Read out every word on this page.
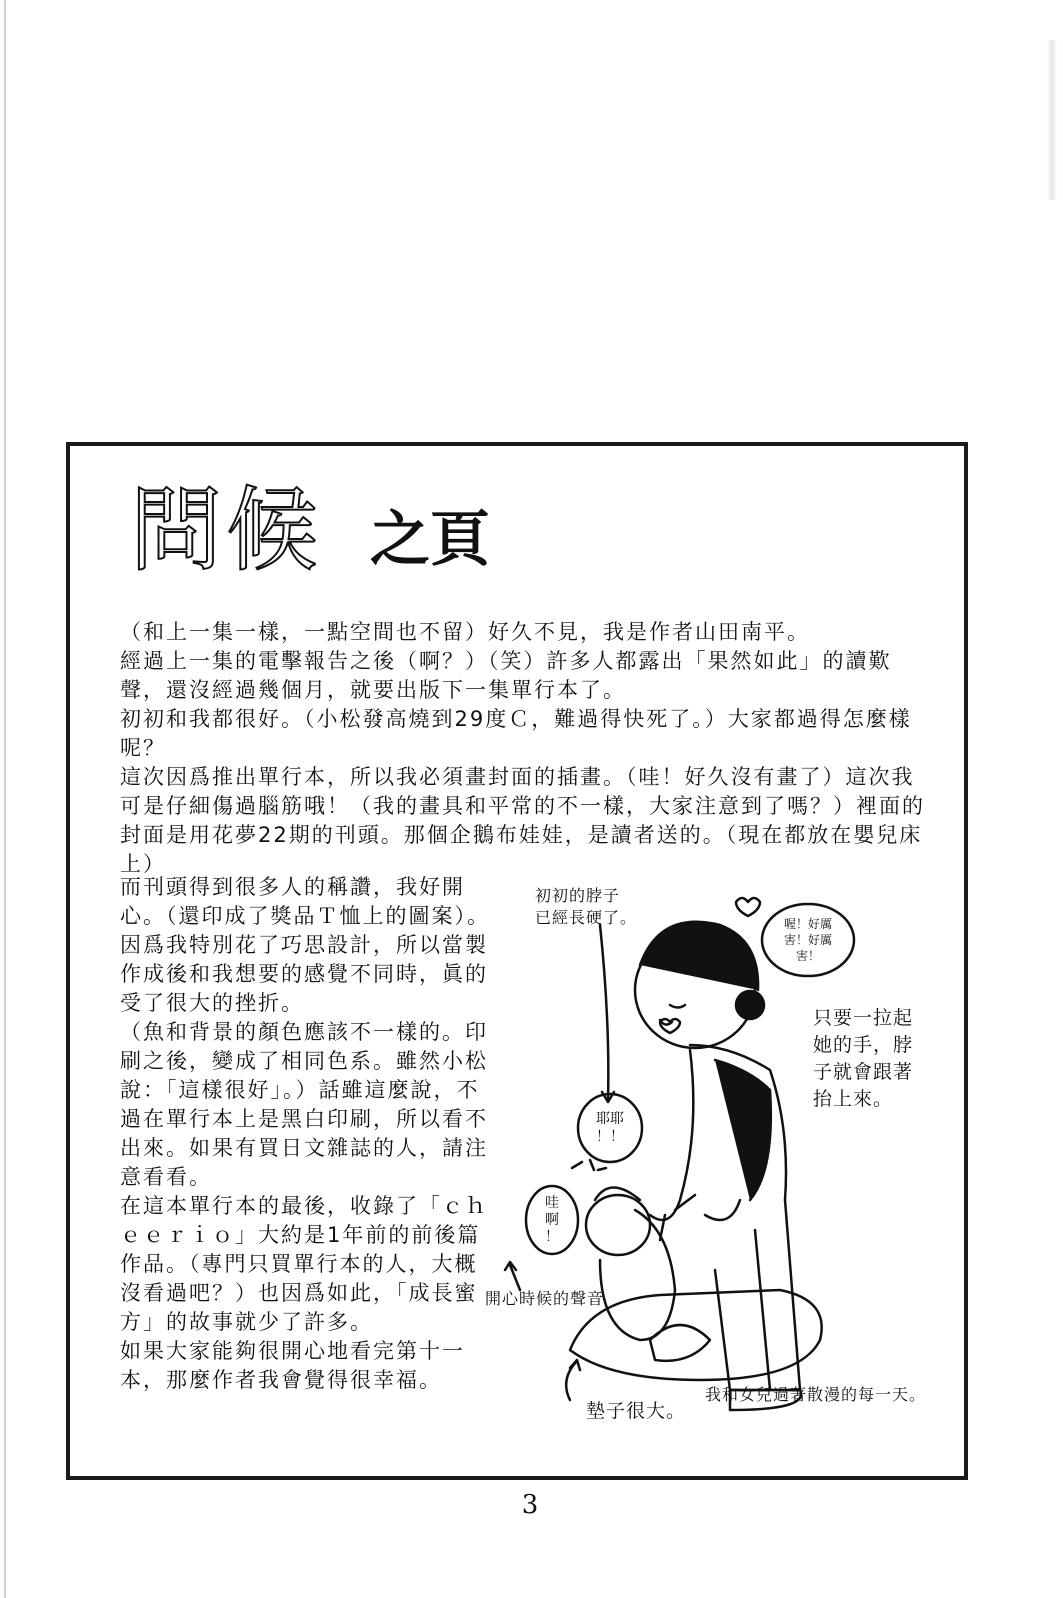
問候 之頁

（和上一集一樣，一點空間也不留）好久不見，我是作者山田南平。

經過上一集的電擊報告之後（啊？）（笑）許多人都露出「果然如此」的讀歎聲，還沒經過幾個月，就要出版下一集單行本了。

初初和我都很好。（小松發高燒到29度Ｃ，難過得快死了。）大家都過得怎麼樣呢？

這次因爲推出單行本，所以我必須畫封面的插畫。（哇！好久沒有畫了）這次我可是仔細傷過腦筋哦！（我的畫具和平常的不一樣，大家注意到了嗎？）裡面的封面是用花夢22期的刊頭。那個企鵝布娃娃，是讀者送的。（現在都放在嬰兒床上）

而刊頭得到很多人的稱讚，我好開心。（還印成了獎品Ｔ恤上的圖案）。因爲我特別花了巧思設計，所以當製作成後和我想要的感覺不同時，眞的受了很大的挫折。

（魚和背景的顏色應該不一樣的。印刷之後，變成了相同色系。雖然小松說：「這樣很好」。）話雖這麼說，不過在單行本上是黑白印刷，所以看不出來。如果有買日文雜誌的人，請注意看看。

在這本單行本的最後，收錄了「ｃｈｅｅｒｉｏ」大約是1年前的前後篇作品。（專門只買單行本的人，大概沒看過吧？）也因爲如此，「成長蜜方」的故事就少了許多。

如果大家能夠很開心地看完第十一本，那麼作者我會覺得很幸福。

初初的脖子
已經長硬了。	喔！好厲
害！好厲
害！
只要一拉起
她的手，脖
子就會跟著
抬上來。
耶耶
！！
哇
啊
！
開心時候的聲音
墊子很大。
我和女兒過著散漫的每一天。
3
